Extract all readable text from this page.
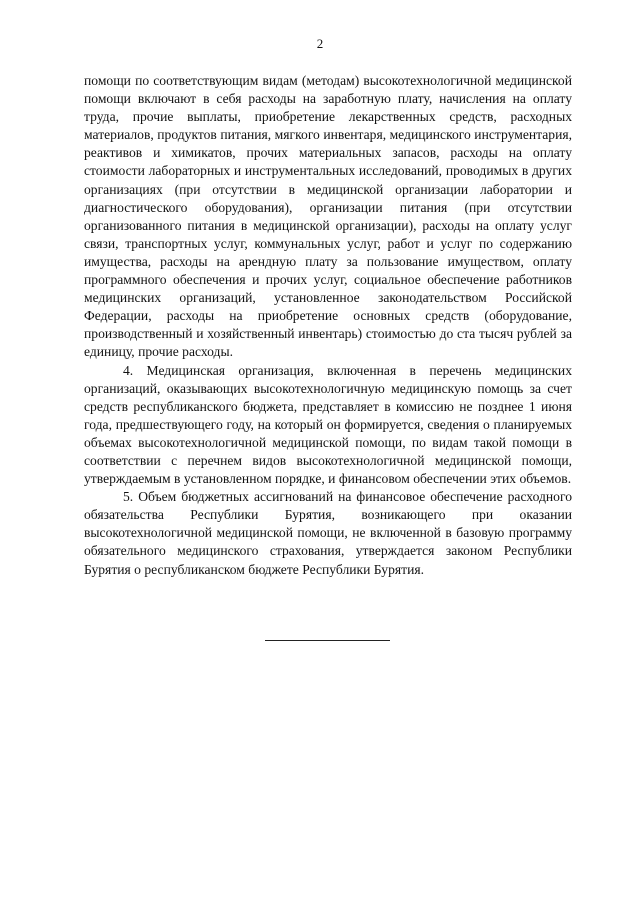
2

помощи по соответствующим видам (методам) высокотехнологичной медицинской помощи включают в себя расходы на заработную плату, начисления на оплату труда, прочие выплаты, приобретение лекарственных средств, расходных материалов, продуктов питания, мягкого инвентаря, медицинского инструментария, реактивов и химикатов, прочих материальных запасов, расходы на оплату стоимости лабораторных и инструментальных исследований, проводимых в других организациях (при отсутствии в медицинской организации лаборатории и диагностического оборудования), организации питания (при отсутствии организованного питания в медицинской организации), расходы на оплату услуг связи, транспортных услуг, коммунальных услуг, работ и услуг по содержанию имущества, расходы на арендную плату за пользование имуществом, оплату программного обеспечения и прочих услуг, социальное обеспечение работников медицинских организаций, установленное законодательством Российской Федерации, расходы на приобретение основных средств (оборудование, производственный и хозяйственный инвентарь) стоимостью до ста тысяч рублей за единицу, прочие расходы.

4. Медицинская организация, включенная в перечень медицинских организаций, оказывающих высокотехнологичную медицинскую помощь за счет средств республиканского бюджета, представляет в комиссию не позднее 1 июня года, предшествующего году, на который он формируется, сведения о планируемых объемах высокотехнологичной медицинской помощи, по видам такой помощи в соответствии с перечнем видов высокотехнологичной медицинской помощи, утверждаемым в установленном порядке, и финансовом обеспечении этих объемов.

5. Объем бюджетных ассигнований на финансовое обеспечение расходного обязательства Республики Бурятия, возникающего при оказании высокотехнологичной медицинской помощи, не включенной в базовую программу обязательного медицинского страхования, утверждается законом Республики Бурятия о республиканском бюджете Республики Бурятия.
